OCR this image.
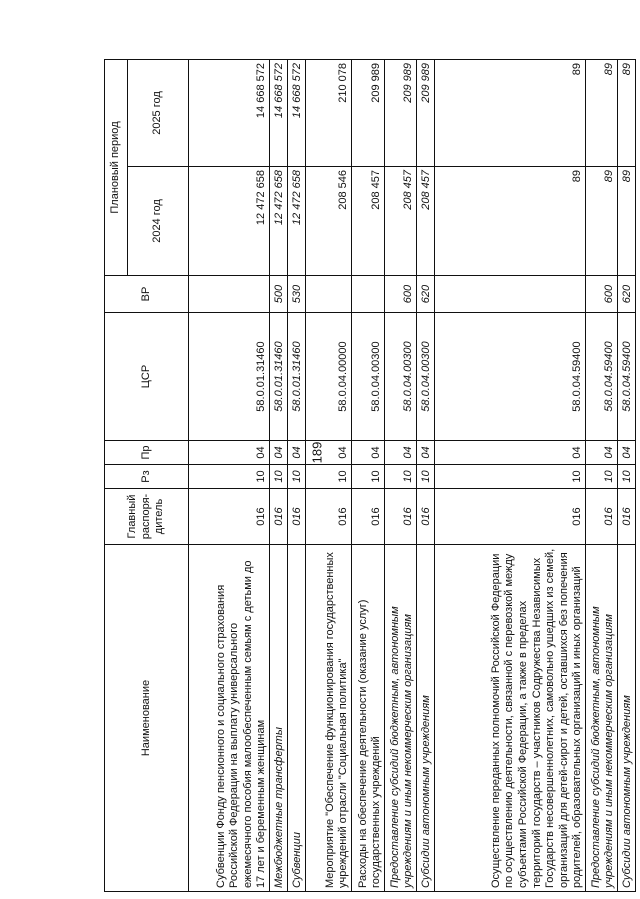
189
Наименование	Главный распоря- дитель	Рз	Пр	ЦСР	ВР	Плановый период	
						2024 год	2025 год
Субвенции Фонду пенсионного и социального страхования Российской Федерации на выплату универсального ежемесячного пособия малообеспеченным семьям с детьми до 17 лет и беременным женщинам	016	10	04	58.0.01.31460		12 472 658	14 668 572
Межбюджетные трансферты	016	10	04	58.0.01.31460	500	12 472 658	14 668 572
Субвенции	016	10	04	58.0.01.31460	530	12 472 658	14 668 572
Мероприятие "Обеспечение функционирования государственных учреждений отрасли "Социальная политика"	016	10	04	58.0.04.00000		208 546	210 078
Расходы на обеспечение деятельности (оказание услуг) государственных учреждений	016	10	04	58.0.04.00300		208 457	209 989
Предоставление субсидий бюджетным, автономным учреждениям и иным некоммерческим организациям	016	10	04	58.0.04.00300	600	208 457	209 989
Субсидии автономным учреждениям	016	10	04	58.0.04.00300	620	208 457	209 989
Осуществление переданных полномочий Российской Федерации по осуществлению деятельности, связанной с перевозкой между субъектами Российской Федерации, а также в пределах территорий государств – участников Содружества Независимых Государств несовершеннолетних, самовольно ушедших из семей, организаций для детей-сирот и детей, оставшихся без попечения родителей, образовательных организаций и иных организаций	016	10	04	58.0.04.59400		89	89
Предоставление субсидий бюджетным, автономным учреждениям и иным некоммерческим организациям	016	10	04	58.0.04.59400	600	89	89
Субсидии автономным учреждениям	016	10	04	58.0.04.59400	620	89	89
